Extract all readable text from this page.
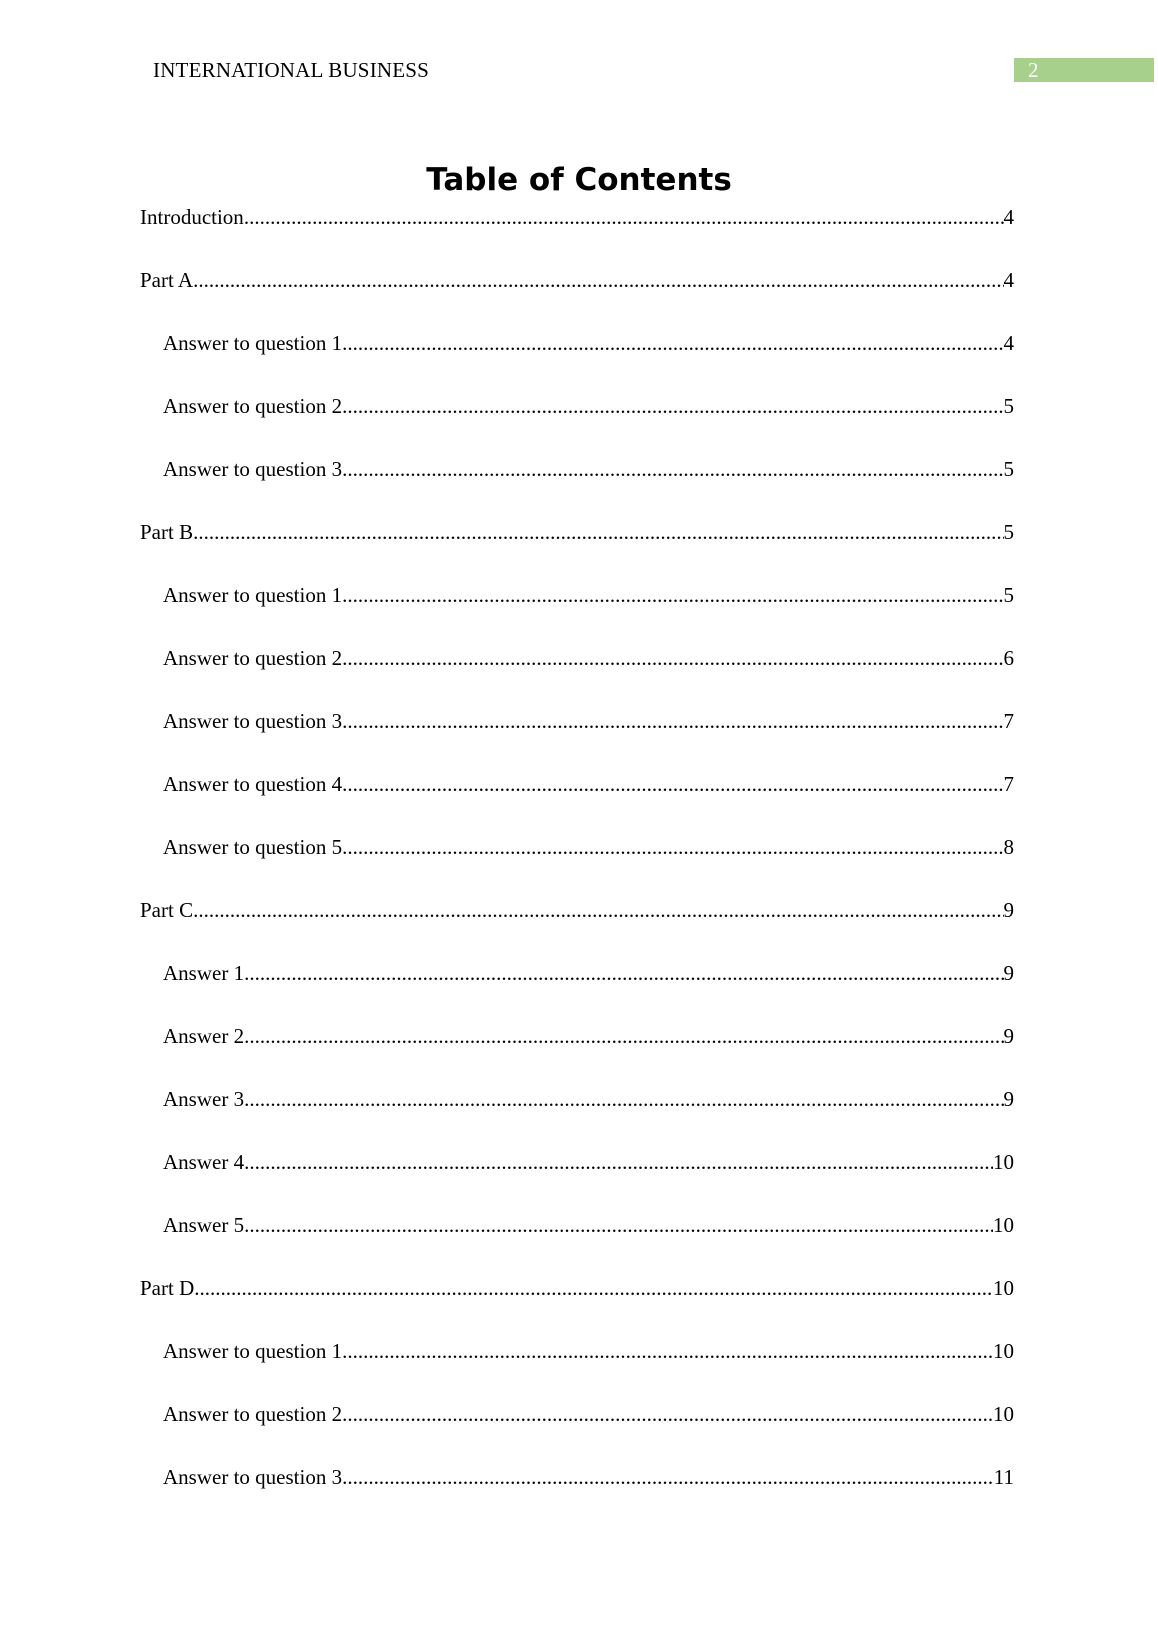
INTERNATIONAL BUSINESS	2
Table of Contents
Introduction .....	4
Part A .....	4
Answer to question 1 .....	4
Answer to question 2 .....	5
Answer to question 3 .....	5
Part B .....	5
Answer to question 1 .....	5
Answer to question 2 .....	6
Answer to question 3 .....	7
Answer to question 4 .....	7
Answer to question 5 .....	8
Part C .....	9
Answer 1 .....	9
Answer 2 .....	9
Answer 3 .....	9
Answer 4 .....	10
Answer 5 .....	10
Part D .....	10
Answer to question 1 .....	10
Answer to question 2 .....	10
Answer to question 3 .....	11
